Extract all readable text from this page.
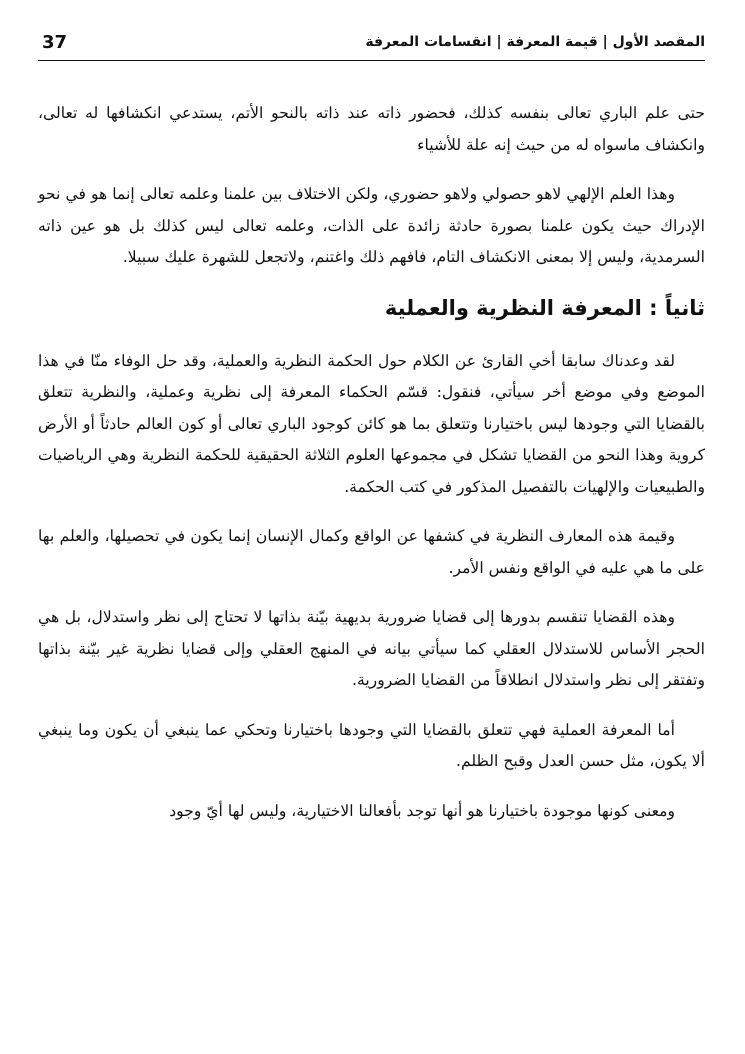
37	المقصد الأول | قيمة المعرفة | انقسامات المعرفة

حتى علم الباري تعالى بنفسه كذلك، فحضور ذاته عند ذاته بالنحو الأتم، يستدعي انكشافها له تعالى، وانكشاف ماسواه له من حيث إنه علة للأشياء

وهذا العلم الإلهي لاهو حصولي ولاهو حضوري، ولكن الاختلاف بين علمنا وعلمه تعالى إنما هو في نحو الإدراك حيث يكون علمنا بصورة حادثة زائدة على الذات، وعلمه تعالى ليس كذلك بل هو عين ذاته السرمدية، وليس إلا بمعنى الانكشاف التام، فافهم ذلك واغتنم، ولاتجعل للشهرة عليك سبيلا.

ثانياً : المعرفة النظرية والعملية

لقد وعدناك سابقا أخي القارئ عن الكلام حول الحكمة النظرية والعملية، وقد حل الوفاء منّا في هذا الموضع وفي موضع أخر سيأتي، فنقول: قسّم الحكماء المعرفة إلى نظرية وعملية، والنظرية تتعلق بالقضايا التي وجودها ليس باختيارنا وتتعلق بما هو كائن كوجود الباري تعالى أو كون العالم حادثاً أو الأرض كروية وهذا النحو من القضايا تشكل في مجموعها العلوم الثلاثة الحقيقية للحكمة النظرية وهي الرياضيات والطبيعيات والإلهيات بالتفصيل المذكور في كتب الحكمة.

وقيمة هذه المعارف النظرية في كشفها عن الواقع وكمال الإنسان إنما يكون في تحصيلها، والعلم بها على ما هي عليه في الواقع ونفس الأمر.

وهذه القضايا تنقسم بدورها إلى قضايا ضرورية بديهية بيّنة بذاتها لا تحتاج إلى نظر واستدلال، بل هي الحجر الأساس للاستدلال العقلي كما سيأتي بيانه في المنهج العقلي وإلى قضايا نظرية غير بيّنة بذاتها وتفتقر إلى نظر واستدلال انطلاقاً من القضايا الضرورية.

أما المعرفة العملية فهي تتعلق بالقضايا التي وجودها باختيارنا وتحكي عما ينبغي أن يكون وما ينبغي ألا يكون، مثل حسن العدل وقبح الظلم.

ومعنى كونها موجودة باختيارنا هو أنها توجد بأفعالنا الاختيارية، وليس لها أيّ وجود
